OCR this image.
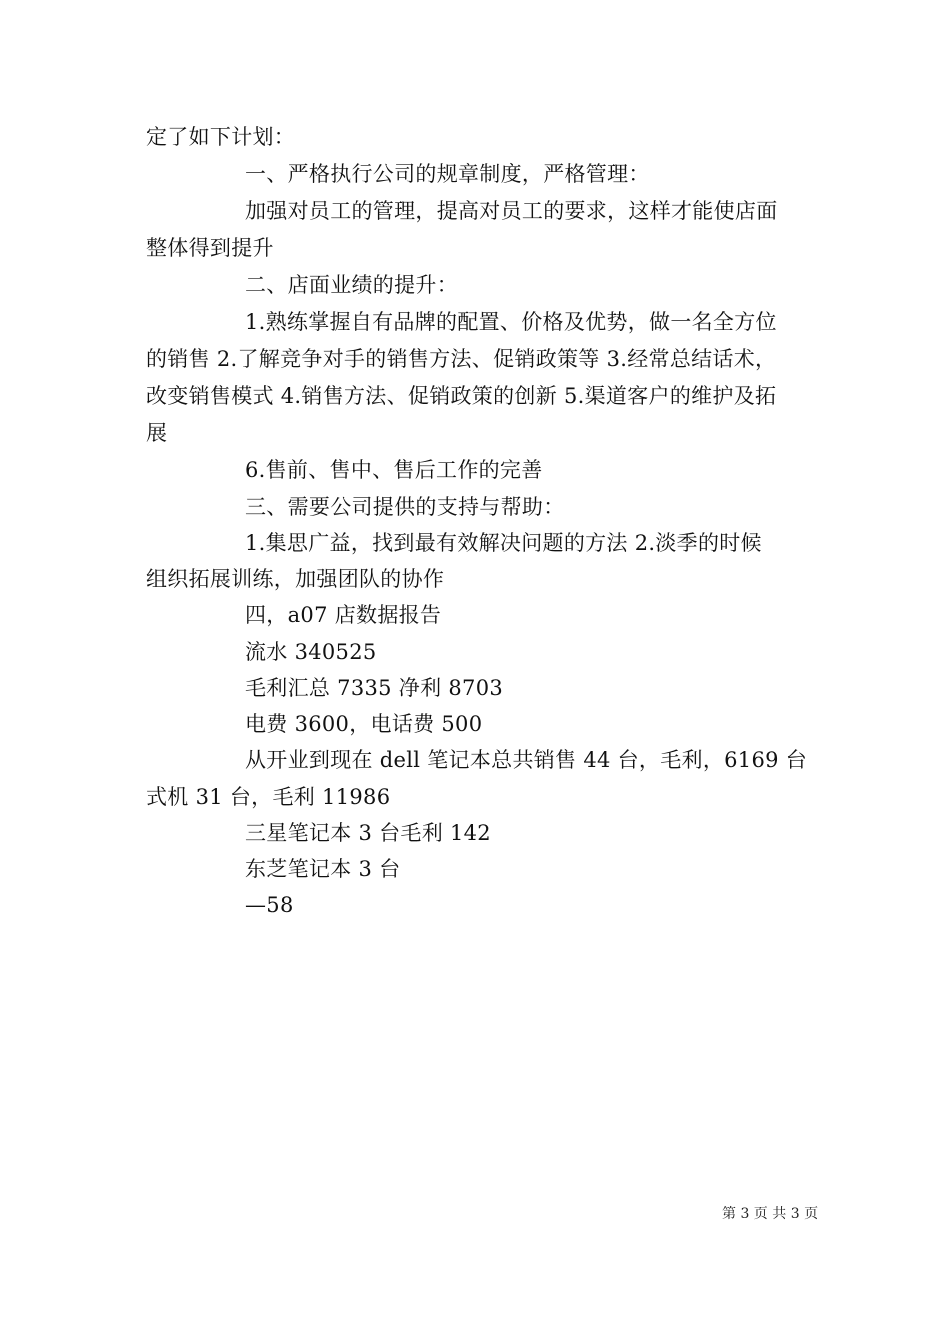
定了如下计划：
一、严格执行公司的规章制度，严格管理：
加强对员工的管理，提高对员工的要求，这样才能使店面
整体得到提升
二、店面业绩的提升：
1.熟练掌握自有品牌的配置、价格及优势，做一名全方位
的销售 2.了解竞争对手的销售方法、促销政策等 3.经常总结话术，
改变销售模式 4.销售方法、促销政策的创新 5.渠道客户的维护及拓
展
6.售前、售中、售后工作的完善
三、需要公司提供的支持与帮助：
1.集思广益，找到最有效解决问题的方法 2.淡季的时候
组织拓展训练，加强团队的协作
四，a07 店数据报告
流水 340525
毛利汇总 7335 净利 8703
电费 3600，电话费 500
从开业到现在 dell 笔记本总共销售 44 台，毛利，6169 台
式机 31 台，毛利 11986
三星笔记本 3 台毛利 142
东芝笔记本 3 台
—58
第 3 页 共 3 页
